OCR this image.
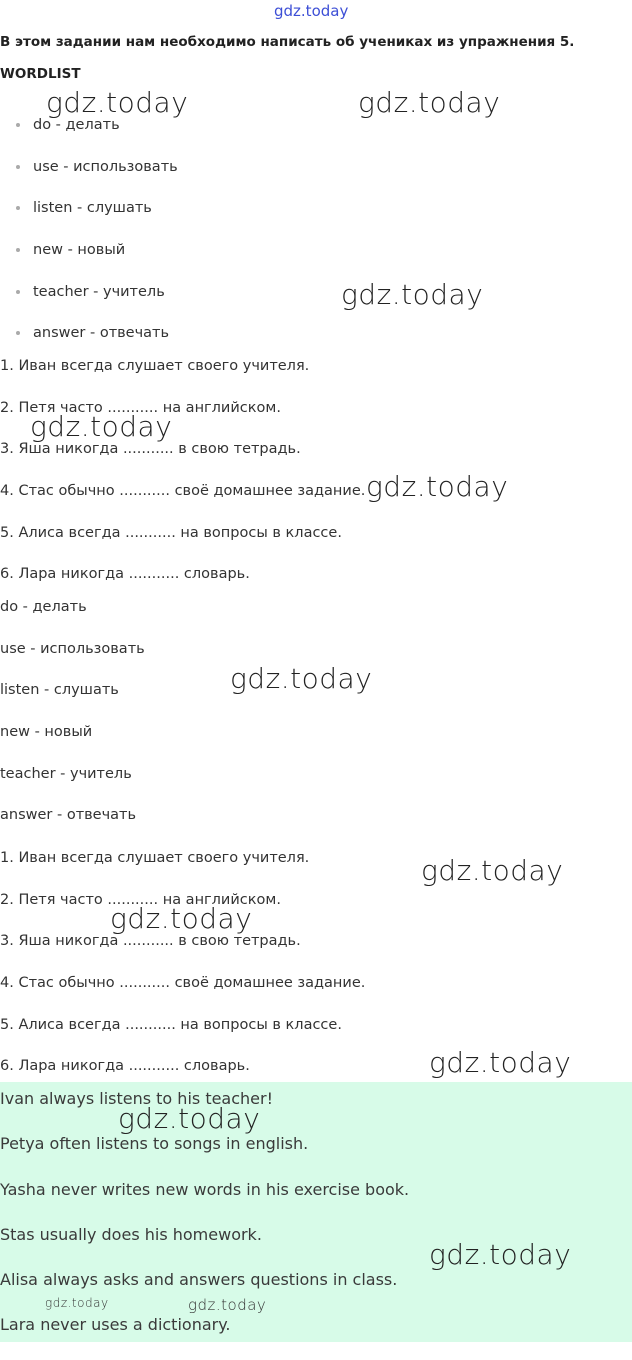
gdz.today
В этом задании нам необходимо написать об учениках из упражнения 5.
WORDLIST
do - делать
use - использовать
listen - слушать
new - новый
teacher - учитель
answer - отвечать
1. Иван всегда слушает своего учителя.
2. Петя часто ........... на английском.
3. Яша никогда ........... в свою тетрадь.
4. Стас обычно ........... своё домашнее задание.
5. Алиса всегда ........... на вопросы в классе.
6. Лара никогда ........... словарь.
do - делать
use - использовать
listen - слушать
new - новый
teacher - учитель
answer - отвечать
1. Иван всегда слушает своего учителя.
2. Петя часто ........... на английском.
3. Яша никогда ........... в свою тетрадь.
4. Стас обычно ........... своё домашнее задание.
5. Алиса всегда ........... на вопросы в классе.
6. Лара никогда ........... словарь.
Ivan always listens to his teacher!
Petya often listens to songs in english.
Yasha never writes new words in his exercise book.
Stas usually does his homework.
Alisa always asks and answers questions in class.
Lara never uses a dictionary.
gdz.today	gdz.today
gdz.today
gdz.today
gdz.today
gdz.today
gdz.today
gdz.today
gdz.today
gdz.today
gdz.today
gdz.today	gdz.today
